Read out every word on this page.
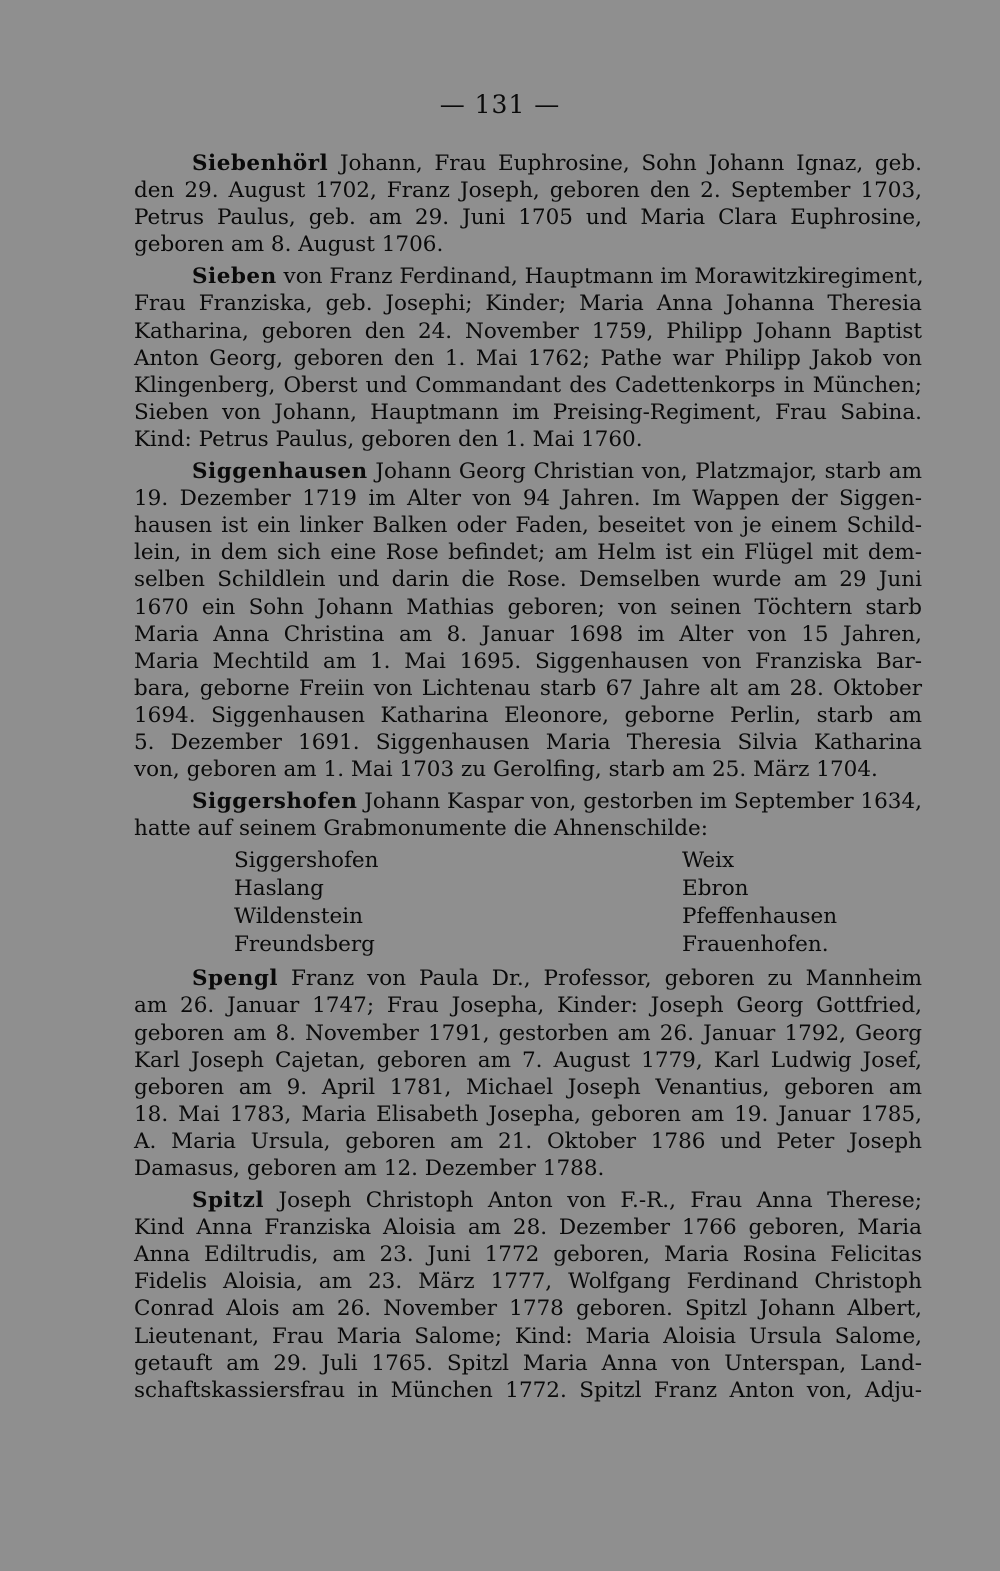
— 131 —
Siebenhörl Johann, Frau Euphrosine, Sohn Johann Ignaz, geb.
den 29. August 1702, Franz Joseph, geboren den 2. September 1703,
Petrus Paulus, geb. am 29. Juni 1705 und Maria Clara Euphrosine,
geboren am 8. August 1706.
Sieben von Franz Ferdinand, Hauptmann im Morawitzkiregiment,
Frau Franziska, geb. Josephi; Kinder; Maria Anna Johanna Theresia
Katharina, geboren den 24. November 1759, Philipp Johann Baptist
Anton Georg, geboren den 1. Mai 1762; Pathe war Philipp Jakob von
Klingenberg, Oberst und Commandant des Cadettenkorps in München;
Sieben von Johann, Hauptmann im Preising-Regiment, Frau Sabina.
Kind: Petrus Paulus, geboren den 1. Mai 1760.
Siggenhausen Johann Georg Christian von, Platzmajor, starb am
19. Dezember 1719 im Alter von 94 Jahren. Im Wappen der Siggen-
hausen ist ein linker Balken oder Faden, beseitet von je einem Schild-
lein, in dem sich eine Rose befindet; am Helm ist ein Flügel mit dem-
selben Schildlein und darin die Rose. Demselben wurde am 29 Juni
1670 ein Sohn Johann Mathias geboren; von seinen Töchtern starb
Maria Anna Christina am 8. Januar 1698 im Alter von 15 Jahren,
Maria Mechtild am 1. Mai 1695. Siggenhausen von Franziska Bar-
bara, geborne Freiin von Lichtenau starb 67 Jahre alt am 28. Oktober
1694. Siggenhausen Katharina Eleonore, geborne Perlin, starb am
5. Dezember 1691. Siggenhausen Maria Theresia Silvia Katharina
von, geboren am 1. Mai 1703 zu Gerolfing, starb am 25. März 1704.
Siggershofen Johann Kaspar von, gestorben im September 1634,
hatte auf seinem Grabmonumente die Ahnenschilde:
Siggershofen
Haslang
Wildenstein
Freundsberg
Weix
Ebron
Pfeffenhausen
Frauenhofen.
Spengl Franz von Paula Dr., Professor, geboren zu Mannheim
am 26. Januar 1747; Frau Josepha, Kinder: Joseph Georg Gottfried,
geboren am 8. November 1791, gestorben am 26. Januar 1792, Georg
Karl Joseph Cajetan, geboren am 7. August 1779, Karl Ludwig Josef,
geboren am 9. April 1781, Michael Joseph Venantius, geboren am
18. Mai 1783, Maria Elisabeth Josepha, geboren am 19. Januar 1785,
A. Maria Ursula, geboren am 21. Oktober 1786 und Peter Joseph
Damasus, geboren am 12. Dezember 1788.
Spitzl Joseph Christoph Anton von F.-R., Frau Anna Therese;
Kind Anna Franziska Aloisia am 28. Dezember 1766 geboren, Maria
Anna Ediltrudis, am 23. Juni 1772 geboren, Maria Rosina Felicitas
Fidelis Aloisia, am 23. März 1777, Wolfgang Ferdinand Christoph
Conrad Alois am 26. November 1778 geboren. Spitzl Johann Albert,
Lieutenant, Frau Maria Salome; Kind: Maria Aloisia Ursula Salome,
getauft am 29. Juli 1765. Spitzl Maria Anna von Unterspan, Land-
schaftskassiersfrau in München 1772. Spitzl Franz Anton von, Adju-
